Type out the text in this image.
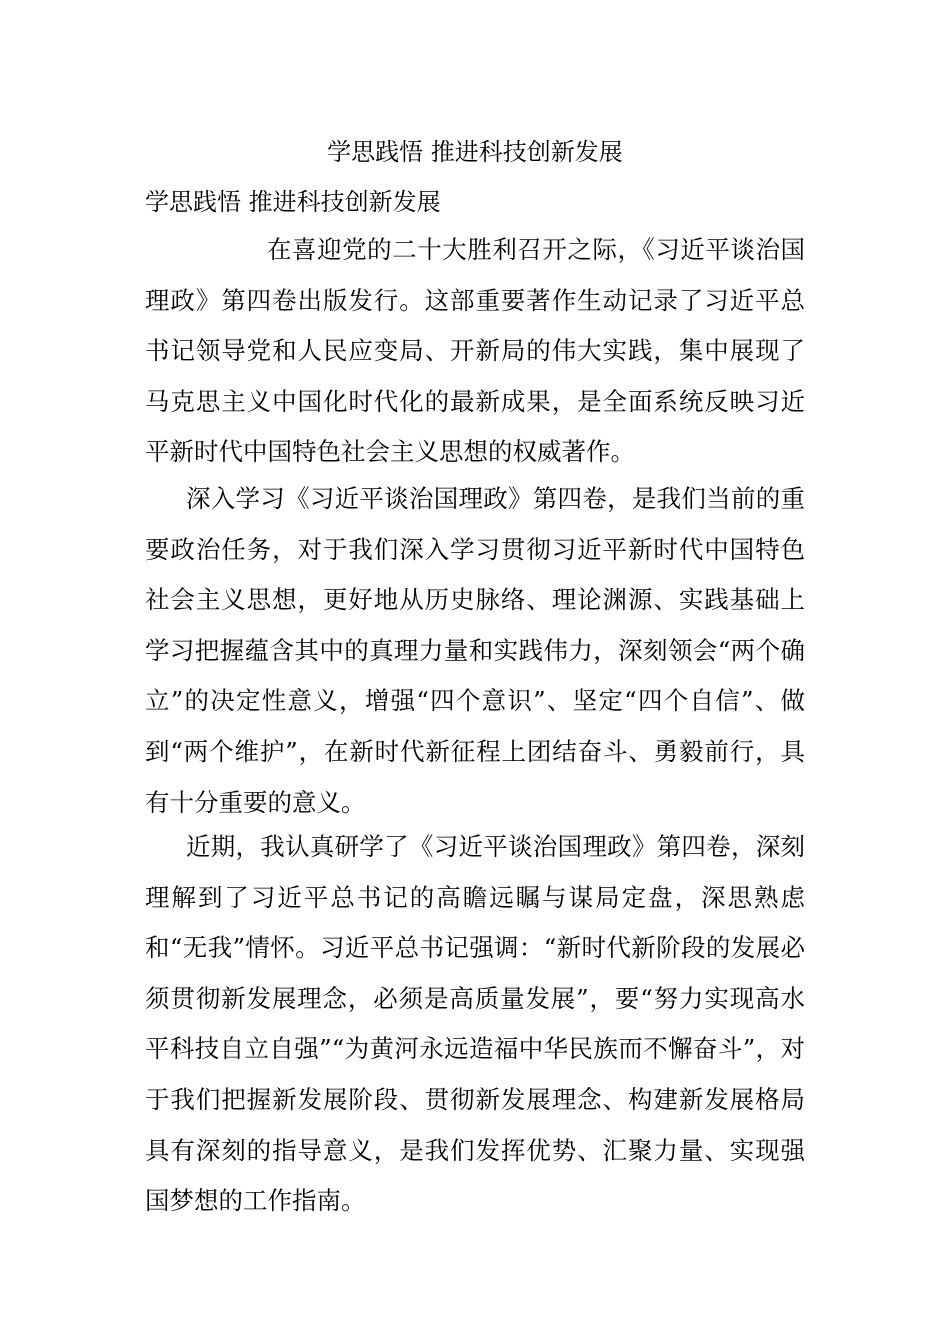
学思践悟 推进科技创新发展
学思践悟 推进科技创新发展

在喜迎党的二十大胜利召开之际，《习近平谈治国理政》第四卷出版发行。这部重要著作生动记录了习近平总书记领导党和人民应变局、开新局的伟大实践，集中展现了马克思主义中国化时代化的最新成果，是全面系统反映习近平新时代中国特色社会主义思想的权威著作。

深入学习《习近平谈治国理政》第四卷，是我们当前的重要政治任务，对于我们深入学习贯彻习近平新时代中国特色社会主义思想，更好地从历史脉络、理论渊源、实践基础上学习把握蕴含其中的真理力量和实践伟力，深刻领会“两个确立”的决定性意义，增强“四个意识”、坚定“四个自信”、做到“两个维护”，在新时代新征程上团结奋斗、勇毅前行，具有十分重要的意义。

近期，我认真研学了《习近平谈治国理政》第四卷，深刻理解到了习近平总书记的高瞻远瞩与谋局定盘，深思熟虑和“无我”情怀。习近平总书记强调：“新时代新阶段的发展必须贯彻新发展理念，必须是高质量发展”，要“努力实现高水平科技自立自强”“为黄河永远造福中华民族而不懈奋斗”，对于我们把握新发展阶段、贯彻新发展理念、构建新发展格局具有深刻的指导意义，是我们发挥优势、汇聚力量、实现强国梦想的工作指南。
